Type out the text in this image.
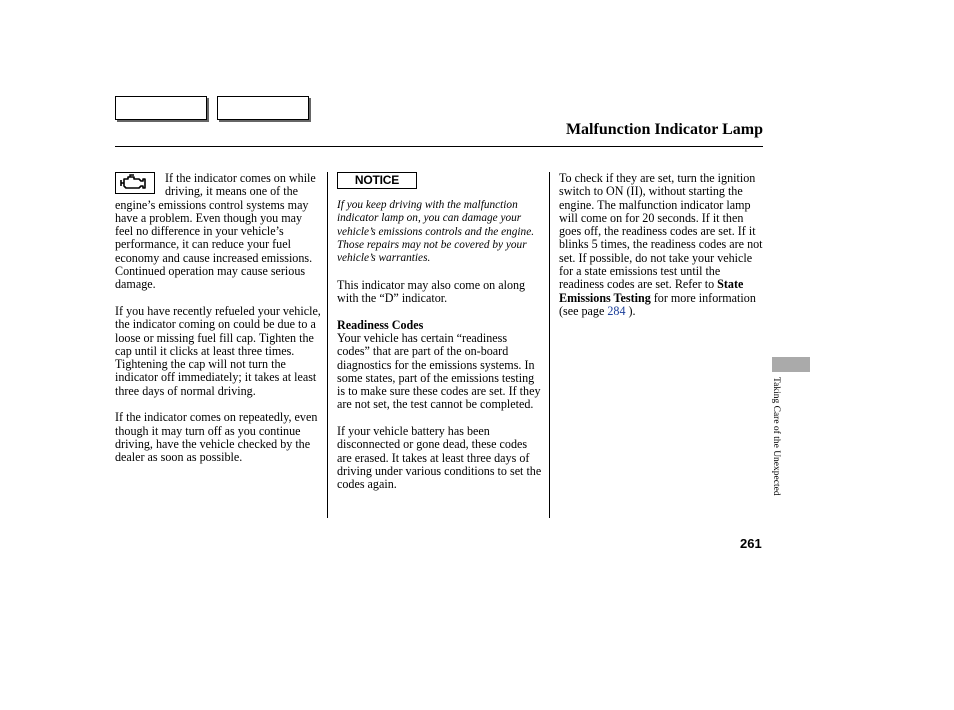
Malfunction Indicator Lamp

If the indicator comes on while driving, it means one of the engine’s emissions control systems may have a problem. Even though you may feel no difference in your vehicle’s performance, it can reduce your fuel economy and cause increased emissions. Continued operation may cause serious damage.

If you have recently refueled your vehicle, the indicator coming on could be due to a loose or missing fuel fill cap. Tighten the cap until it clicks at least three times. Tightening the cap will not turn the indicator off immediately; it takes at least three days of normal driving.

If the indicator comes on repeatedly, even though it may turn off as you continue driving, have the vehicle checked by the dealer as soon as possible.

NOTICE

If you keep driving with the malfunction indicator lamp on, you can damage your vehicle’s emissions controls and the engine. Those repairs may not be covered by your vehicle’s warranties.

This indicator may also come on along with the “D” indicator.

Readiness Codes
Your vehicle has certain “readiness codes” that are part of the on-board diagnostics for the emissions systems. In some states, part of the emissions testing is to make sure these codes are set. If they are not set, the test cannot be completed.

If your vehicle battery has been disconnected or gone dead, these codes are erased. It takes at least three days of driving under various conditions to set the codes again.

To check if they are set, turn the ignition switch to ON (II), without starting the engine. The malfunction indicator lamp will come on for 20 seconds. If it then goes off, the readiness codes are set. If it blinks 5 times, the readiness codes are not set. If possible, do not take your vehicle for a state emissions test until the readiness codes are set. Refer to State Emissions Testing for more information (see page 284 ).

Taking Care of the Unexpected
261
